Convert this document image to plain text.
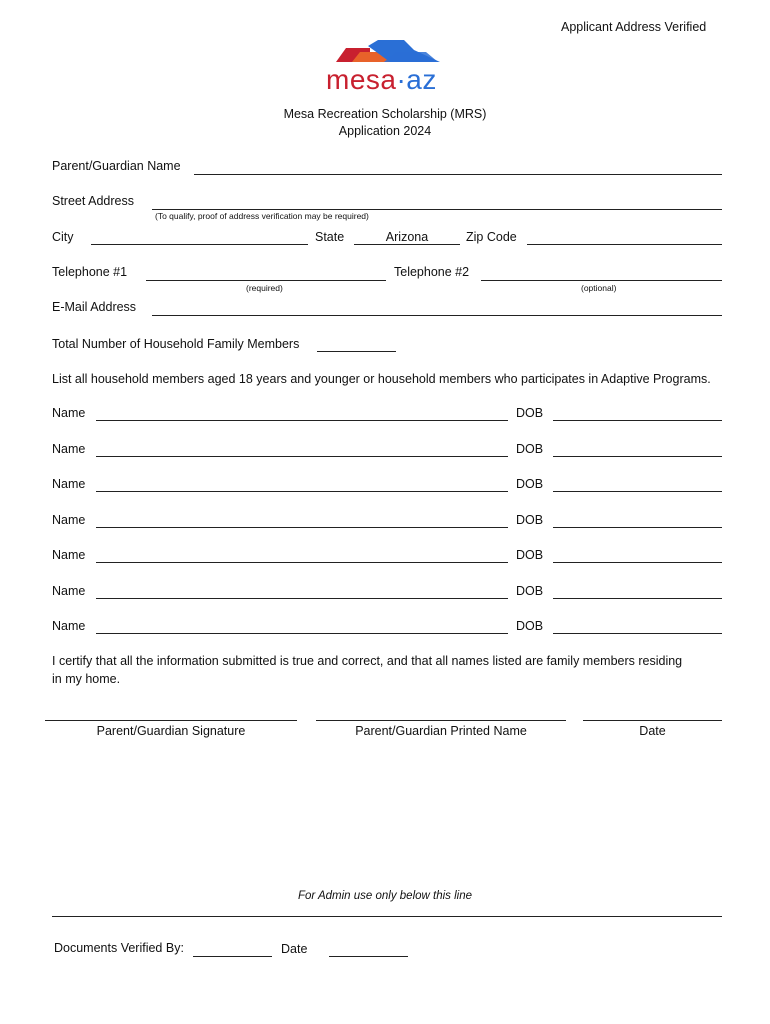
Applicant Address Verified
mesa·az
Mesa Recreation Scholarship (MRS)
Application 2024
Parent/Guardian Name
Street Address
(To qualify, proof of address verification may be required)
City	State	Arizona	Zip Code
Telephone #1
(required)
Telephone #2
(optional)
E-Mail Address
Total Number of Household Family Members
List all household members aged 18 years and younger or household members who participates in Adaptive Programs.
Name	DOB
Name	DOB
Name	DOB
Name	DOB
Name	DOB
Name	DOB
Name	DOB
I certify that all the information submitted is true and correct, and that all names listed are family members residing
in my home.
Parent/Guardian Signature	Parent/Guardian Printed Name	Date
For Admin use only below this line
Documents Verified By:	Date
